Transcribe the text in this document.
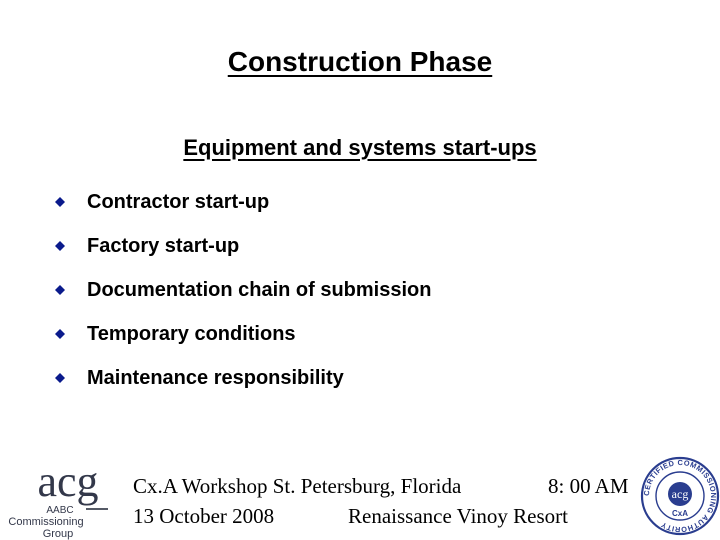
Construction Phase
Equipment and systems start-ups
Contractor start-up
Factory start-up
Documentation chain of submission
Temporary conditions
Maintenance responsibility
acg
AABC
Commissioning
Group
Cx.A Workshop St. Petersburg, Florida	8: 00 AM
13 October 2008	Renaissance Vinoy Resort
CERTIFIED COMMISSIONING AUTHORITY
acg
CxA
